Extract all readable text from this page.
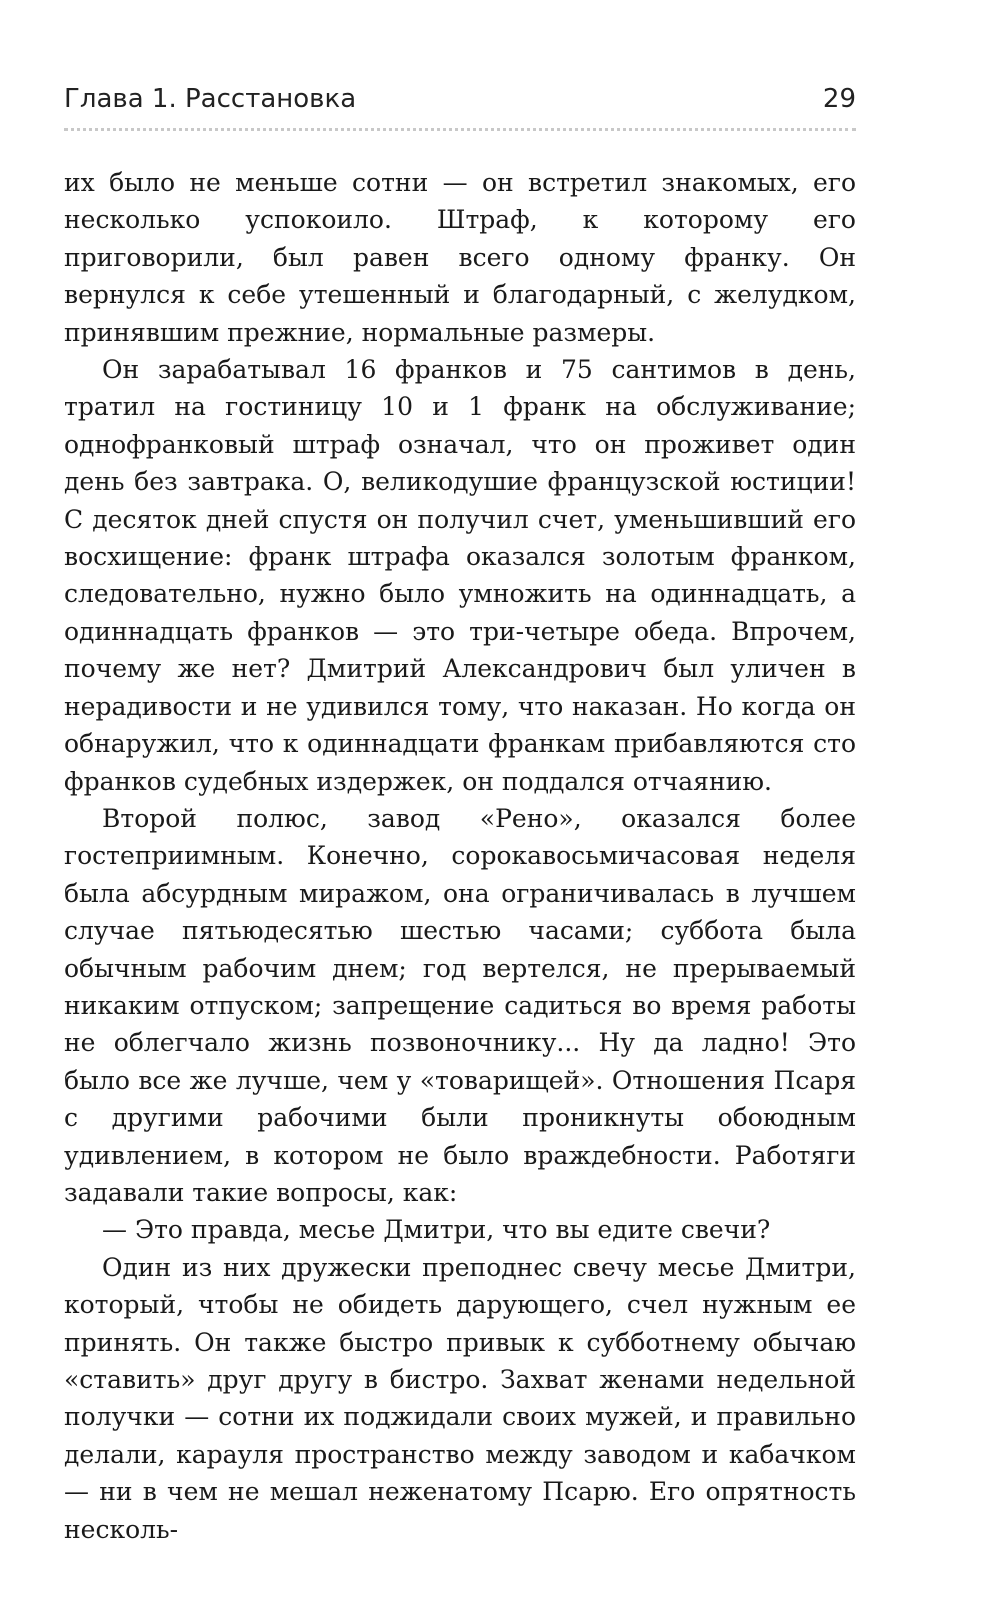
Глава 1. Расстановка	29

их было не меньше сотни — он встретил знакомых, его несколько успокоило. Штраф, к которому его приговорили, был равен всего одному франку. Он вернулся к себе утешенный и благодарный, с желудком, принявшим прежние, нормальные размеры.

Он зарабатывал 16 франков и 75 сантимов в день, тратил на гостиницу 10 и 1 франк на обслуживание; однофранковый штраф означал, что он проживет один день без завтрака. О, великодушие французской юстиции! С десяток дней спустя он получил счет, уменьшивший его восхищение: франк штрафа оказался золотым франком, следовательно, нужно было умножить на одиннадцать, а одиннадцать франков — это три-четыре обеда. Впрочем, почему же нет? Дмитрий Александрович был уличен в нерадивости и не удивился тому, что наказан. Но когда он обнаружил, что к одиннадцати франкам прибавляются сто франков судебных издержек, он поддался отчаянию.

Второй полюс, завод «Рено», оказался более гостеприимным. Конечно, сорокавосьмичасовая неделя была абсурдным миражом, она ограничивалась в лучшем случае пятьюдесятью шестью часами; суббота была обычным рабочим днем; год вертелся, не прерываемый никаким отпуском; запрещение садиться во время работы не облегчало жизнь позвоночнику... Ну да ладно! Это было все же лучше, чем у «товарищей». Отношения Псаря с другими рабочими были проникнуты обоюдным удивлением, в котором не было враждебности. Работяги задавали такие вопросы, как:

— Это правда, месье Дмитри, что вы едите свечи?

Один из них дружески преподнес свечу месье Дмитри, который, чтобы не обидеть дарующего, счел нужным ее принять. Он также быстро привык к субботнему обычаю «ставить» друг другу в бистро. Захват женами недельной получки — сотни их поджидали своих мужей, и правильно делали, карауля пространство между заводом и кабачком — ни в чем не мешал неженатому Псарю. Его опрятность несколь-
